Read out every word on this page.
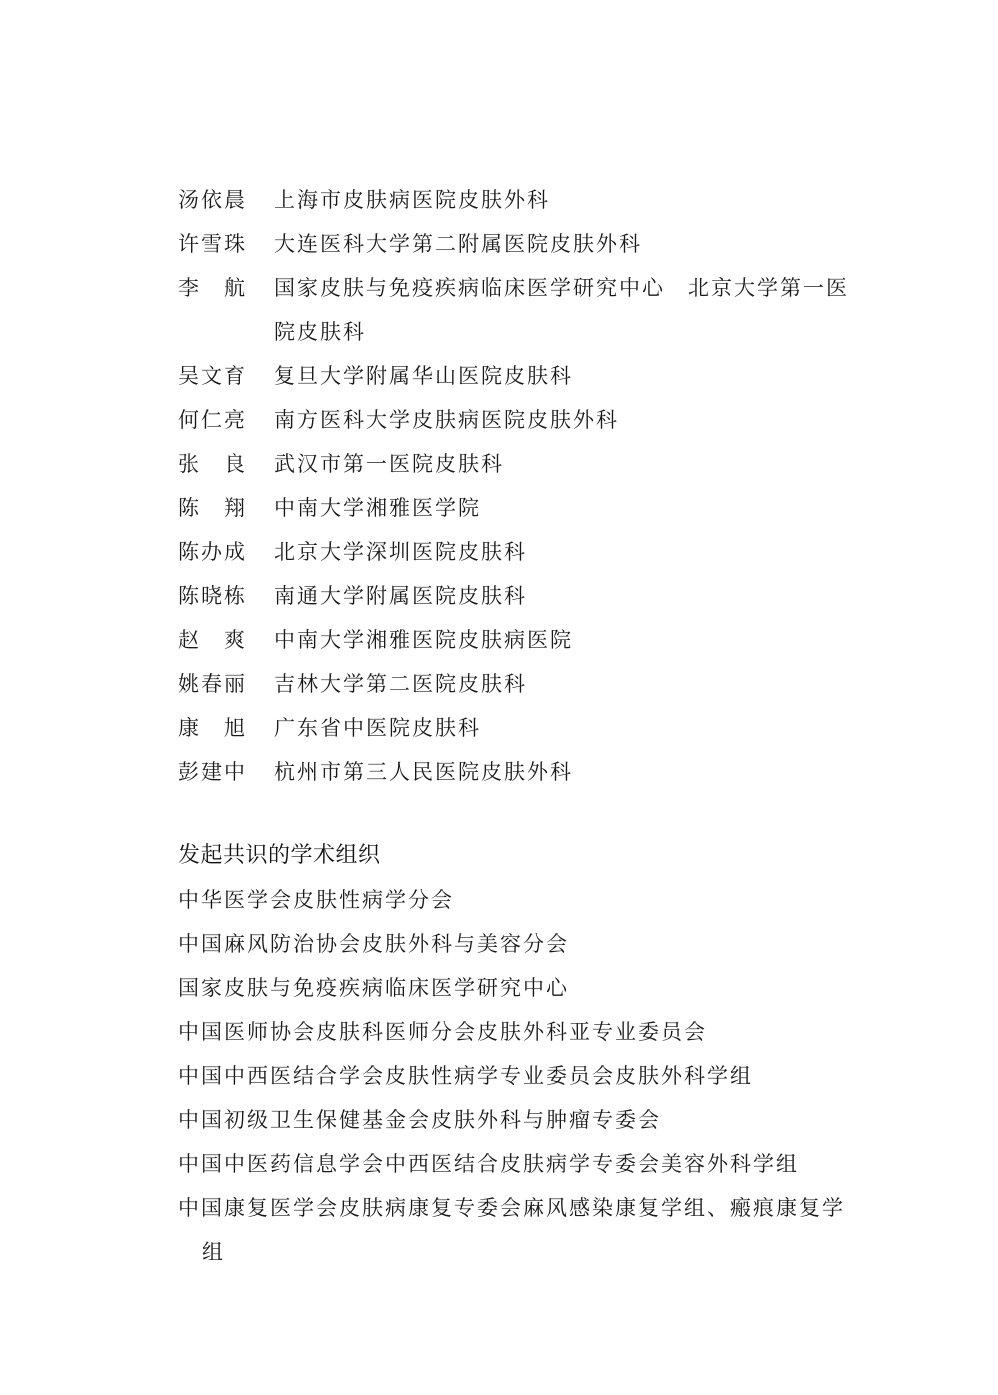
汤依晨	上海市皮肤病医院皮肤外科
许雪珠	大连医科大学第二附属医院皮肤外科
李　航	国家皮肤与免疫疾病临床医学研究中心　北京大学第一医院皮肤科
吴文育	复旦大学附属华山医院皮肤科
何仁亮	南方医科大学皮肤病医院皮肤外科
张　良	武汉市第一医院皮肤科
陈　翔	中南大学湘雅医学院
陈办成	北京大学深圳医院皮肤科
陈晓栋	南通大学附属医院皮肤科
赵　爽	中南大学湘雅医院皮肤病医院
姚春丽	吉林大学第二医院皮肤科
康　旭	广东省中医院皮肤科
彭建中	杭州市第三人民医院皮肤外科
发起共识的学术组织
中华医学会皮肤性病学分会
中国麻风防治协会皮肤外科与美容分会
国家皮肤与免疫疾病临床医学研究中心
中国医师协会皮肤科医师分会皮肤外科亚专业委员会
中国中西医结合学会皮肤性病学专业委员会皮肤外科学组
中国初级卫生保健基金会皮肤外科与肿瘤专委会
中国中医药信息学会中西医结合皮肤病学专委会美容外科学组
中国康复医学会皮肤病康复专委会麻风感染康复学组、瘢痕康复学组
